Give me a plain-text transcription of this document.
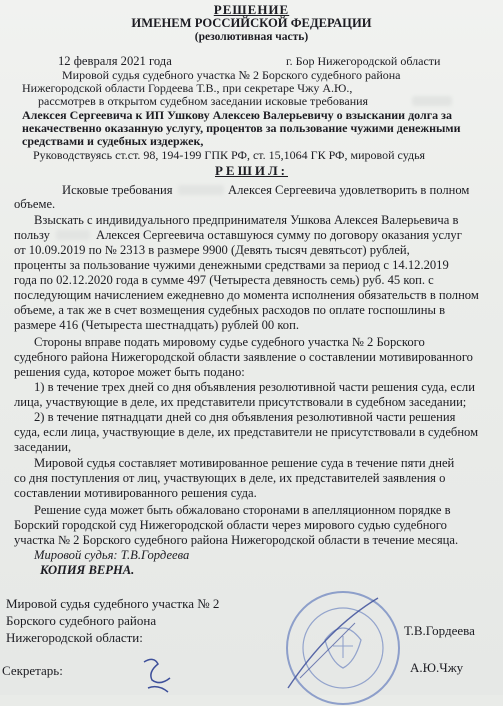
РЕШЕНИЕ
ИМЕНЕМ РОССИЙСКОЙ ФЕДЕРАЦИИ
(резолютивная часть)
12 февраля 2021 года	г. Бор Нижегородской области
Мировой судья судебного участка № 2 Борского судебного района
Нижегородской области Гордеева Т.В., при секретаре Чжу А.Ю.,
рассмотрев в открытом судебном заседании исковые требования
Алексея Сергеевича к ИП Ушкову Алексею Валерьевичу о взыскании долга за
некачественно оказанную услугу, процентов за пользование чужими денежными
средствами и судебных издержек,
Руководствуясь ст.ст. 98, 194-199 ГПК РФ, ст. 15,1064 ГК РФ, мировой судья
РЕШИЛ:
Исковые требования	Алексея Сергеевича удовлетворить в полном
объеме.
Взыскать с индивидуального предпринимателя Ушкова Алексея Валерьевича в
пользу	Алексея Сергеевича оставшуюся сумму по договору оказания услуг
от 10.09.2019 по № 2313 в размере 9900 (Девять тысяч девятьсот) рублей,
проценты за пользование чужими денежными средствами за период с 14.12.2019
года по 02.12.2020 года в сумме 497 (Четыреста девяность семь) руб. 45 коп. с
последующим начислением ежедневно до момента исполнения обязательств в полном
объеме, а так же в счет возмещения судебных расходов по оплате госпошлины в
размере 416 (Четыреста шестнадцать) рублей 00 коп.
Стороны вправе подать мировому судье судебного участка № 2 Борского
судебного района Нижегородской области заявление о составлении мотивированного
решения суда, которое может быть подано:
1) в течение трех дней со дня объявления резолютивной части решения суда, если
лица, участвующие в деле, их представители присутствовали в судебном заседании;
2) в течение пятнадцати дней со дня объявления резолютивной части решения
суда, если лица, участвующие в деле, их представители не присутствовали в судебном
заседании,
Мировой судья составляет мотивированное решение суда в течение пяти дней
со дня поступления от лиц, участвующих в деле, их представителей заявления о
составлении мотивированного решения суда.
Решение суда может быть обжаловано сторонами в апелляционном порядке в
Борский городской суд Нижегородской области через мирового судью судебного
участка № 2 Борского судебного района Нижегородской области в течение месяца.
Мировой судья: Т.В.Гордеева
КОПИЯ ВЕРНА.
Мировой судья судебного участка № 2
Борского судебного района
Нижегородской области:	Т.В.Гордеева
Секретарь:	А.Ю.Чжу
